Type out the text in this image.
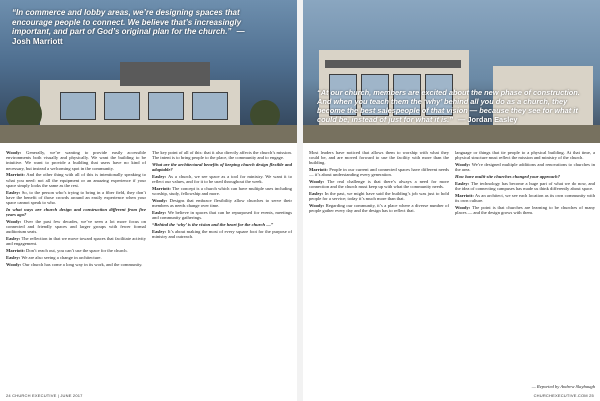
“In commerce and lobby areas, we’re designing spaces that encourage people to connect. We believe that’s increasingly important, and part of God’s original plan for the church.” — Josh Marriott
“At our church, members are excited about the new phase of construction. And when you teach them the ‘why’ behind all you do as a church, they become the best salespeople of that vision — because they see for what it could be, instead of just for what it is.” — Jordan Easley

Woody: Generally, we’re wanting to provide easily accessible environments both visually and physically. We want the building to be intuitive. We want to provide a building that users have no kind of necessary, but instead a welcoming spot in the community.

Marriott: And the other thing with all of this is intentionally speaking to what you need: not all the equipment or an amazing experience if your space simply looks the same as the rest.

Easley: So, to the person who’s trying to bring in a fiber field, they don’t have the benefit of those crowds around an easily experience when your space cannot speak to who.

In what ways are church design and construction different from five years ago?

Woody: Over the past few decades, we’ve seen a lot more focus on connected and friendly spaces and larger groups with fewer formal auditorium seats.

Easley: The reflection in that we move toward spaces that facilitate activity and engagement.

Marriott: Don’t reach out, you can’t use the space for the church.

Easley: We are also seeing a change in architecture.

Woody: Our church has come a long way in its work, and the community.

The key point of all of this: that it also directly affects the church’s mission. The intent is to bring people to the place, the community and to engage.

What are the architectural benefits of keeping church design flexible and adaptable?

Easley: As a church, we see space as a tool for ministry. We want it to reflect our values, and for it to be used throughout the week.

Marriott: The concept is a church which can have multiple uses including worship, study, fellowship and more.

Woody: Designs that embrace flexibility allow churches to serve their members as needs change over time.

Easley: We believe in spaces that can be repurposed for events, meetings and community gatherings.

“Behind the ‘why’ is the vision and the heart for the church —”

Easley: It’s about making the most of every square foot for the purpose of ministry and outreach.

Most leaders have noticed that allows them to worship with what they could be, and are moved forward to use the facility with more than the building.

Marriott: People in our current and connected spaces have different needs — it’s about understanding every generation.

Woody: The real challenge is that there’s always a need for more connection and the church must keep up with what the community needs.

Easley: In the past, we might have said the building’s job was just to hold people for a service; today it’s much more than that.

Woody: Regarding our community, it’s a place where a diverse number of people gather every day and the design has to reflect that.

language or things that tie people to a physical building. At that time, a physical structure must reflect the mission and ministry of the church.

Woody: We’re designed multiple additions and renovations to churches in the area.

How have multi-site churches changed your approach?

Easley: The technology has become a huge part of what we do now, and the idea of connecting campuses has made us think differently about space.

Marriott: As an architect, we see each location as its own community with its own culture.

Woody: The point is that churches are learning to be churches of many places — and the design grows with them.

— Reported by Andrew Slaybaugh
24 CHURCH EXECUTIVE | JUNE 2017	CHURCHEXECUTIVE.COM 25
